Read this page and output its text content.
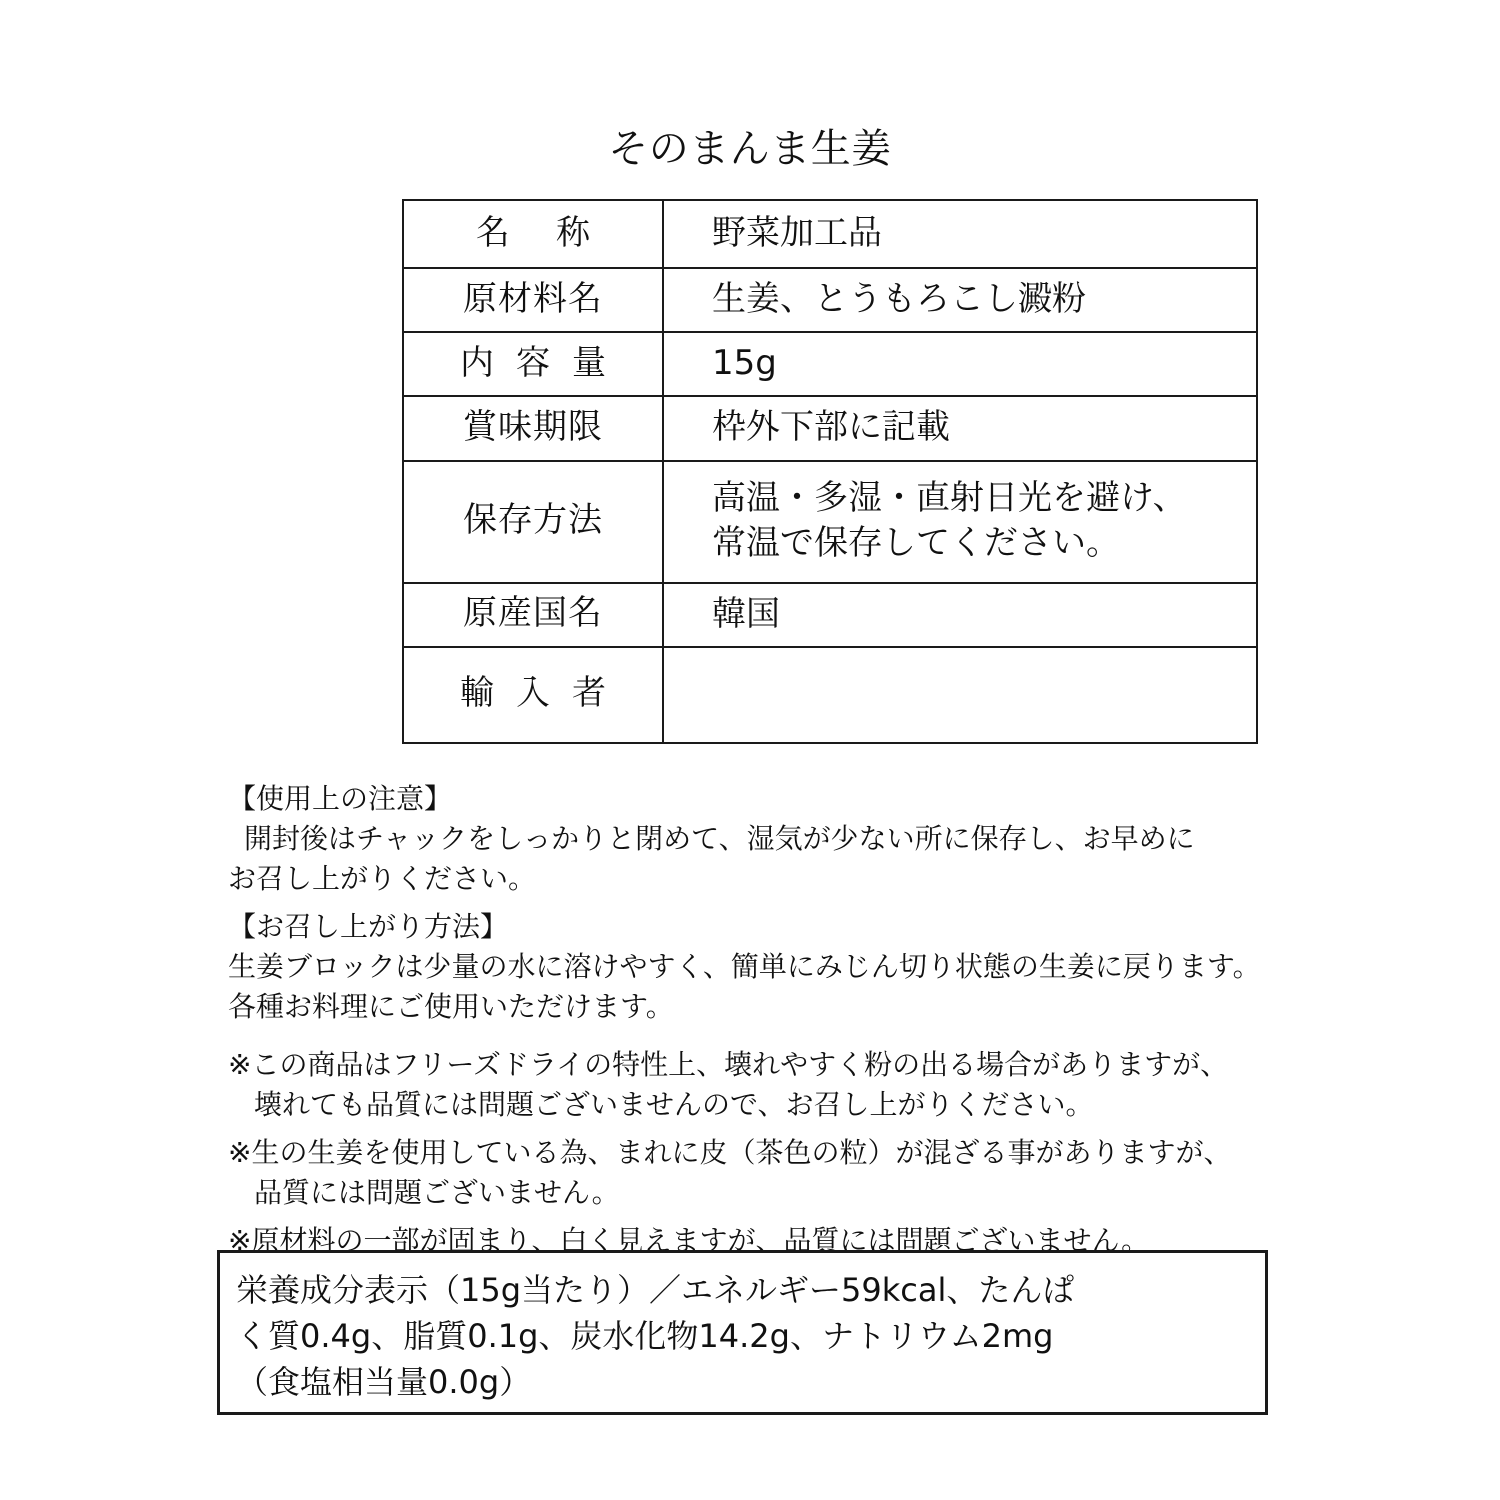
そのまんま生姜
名称	野菜加工品

原材料名	生姜、とうもろこし澱粉

内容量	15g

賞味期限	枠外下部に記載

保存方法	高温・多湿・直射日光を避け、
常温で保存してください。

原産国名	韓国

輸入者	
【使用上の注意】
開封後はチャックをしっかりと閉めて、湿気が少ない所に保存し、お早めに
お召し上がりください。
【お召し上がり方法】
生姜ブロックは少量の水に溶けやすく、簡単にみじん切り状態の生姜に戻ります。
各種お料理にご使用いただけます。
※この商品はフリーズドライの特性上、壊れやすく粉の出る場合がありますが、
壊れても品質には問題ございませんので、お召し上がりください。
※生の生姜を使用している為、まれに皮（茶色の粒）が混ざる事がありますが、
品質には問題ございません。
※原材料の一部が固まり、白く見えますが、品質には問題ございません。
栄養成分表示（15g当たり）／エネルギー59kcal、たんぱ
く質0.4g、脂質0.1g、炭水化物14.2g、ナトリウム2mg
（食塩相当量0.0g）
